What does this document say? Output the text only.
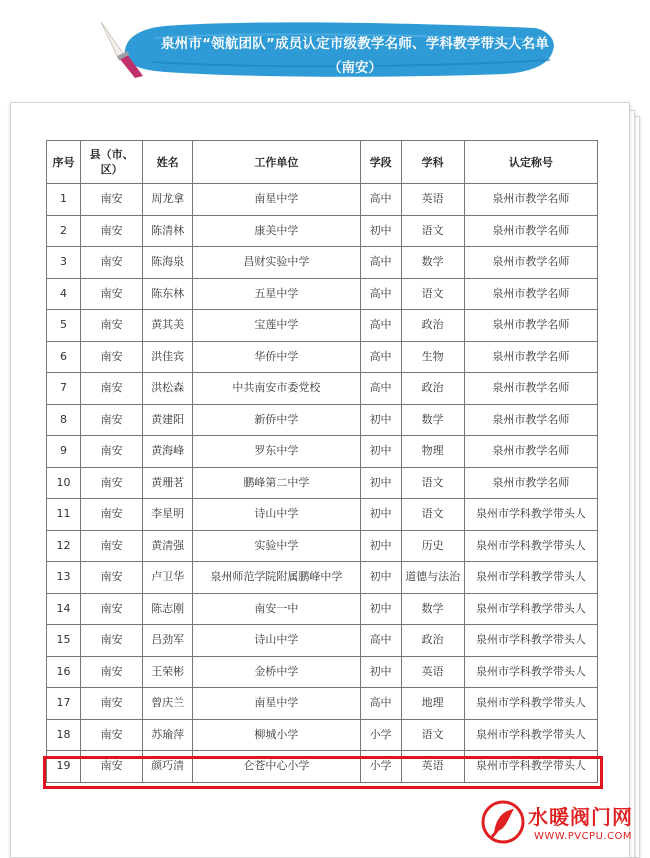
泉州市“领航团队”成员认定市级教学名师、学科教学带头人名单
（南安）
序号	县（市、区）	姓名	工作单位	学段	学科	认定称号
1	南安	周龙拿	南星中学	高中	英语	泉州市教学名师
2	南安	陈清林	康美中学	初中	语文	泉州市教学名师
3	南安	陈海泉	昌财实验中学	高中	数学	泉州市教学名师
4	南安	陈东林	五星中学	高中	语文	泉州市教学名师
5	南安	黄其美	宝莲中学	高中	政治	泉州市教学名师
6	南安	洪佳宾	华侨中学	高中	生物	泉州市教学名师
7	南安	洪松森	中共南安市委党校	高中	政治	泉州市教学名师
8	南安	黄建阳	新侨中学	初中	数学	泉州市教学名师
9	南安	黄海峰	罗东中学	初中	物理	泉州市教学名师
10	南安	黄珊茗	鹏峰第二中学	初中	语文	泉州市教学名师
11	南安	李星明	诗山中学	初中	语文	泉州市学科教学带头人
12	南安	黄清强	实验中学	初中	历史	泉州市学科教学带头人
13	南安	卢卫华	泉州师范学院附属鹏峰中学	初中	道德与法治	泉州市学科教学带头人
14	南安	陈志刚	南安一中	初中	数学	泉州市学科教学带头人
15	南安	吕劲军	诗山中学	高中	政治	泉州市学科教学带头人
16	南安	王荣彬	金桥中学	初中	英语	泉州市学科教学带头人
17	南安	曾庆兰	南星中学	高中	地理	泉州市学科教学带头人
18	南安	苏瑜萍	柳城小学	小学	语文	泉州市学科教学带头人
19	南安	颜巧清	仑苍中心小学	小学	英语	泉州市学科教学带头人
水暖阀门网
WWW.PVCPU.COM
